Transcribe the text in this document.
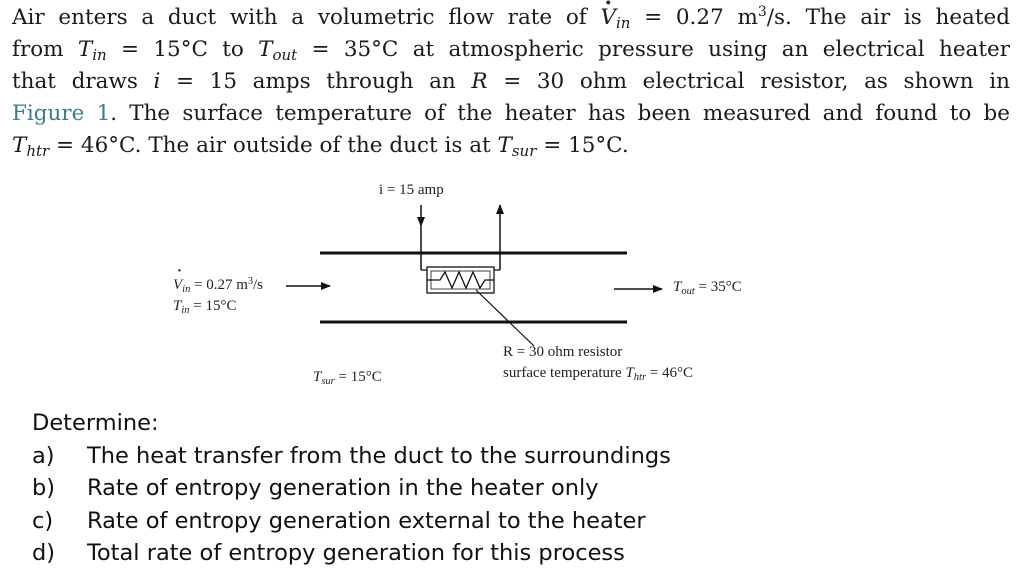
Air enters a duct with a volumetric flow rate of · $V_{in} = 0.27$ $m^3/s$. The air is heated
from $T_{in} = 15^\circ C$ to $T_{out} = 35^\circ C$ at atmospheric pressure using an electrical heater
that draws i = 15 amps through an R = 30 ohm electrical resistor, as shown in
Figure 1. The surface temperature of the heater has been measured and found to be
$T_{htr} = 46^\circ C$. The air outside of the duct is at $T_{sur} = 15^\circ C$.
i = 15 amp
· $V_{in} = 0.27$ $m^3/s$
$T_{in} = 15^\circ C$
$T_{out} = 35^\circ C$
$T_{sur} = 15^\circ C$
R = 30 ohm resistor
surface temperature $T_{htr} = 46^\circ C$
Determine:
a) The heat transfer from the duct to the surroundings
b) Rate of entropy generation in the heater only
c) Rate of entropy generation external to the heater
d) Total rate of entropy generation for this process
